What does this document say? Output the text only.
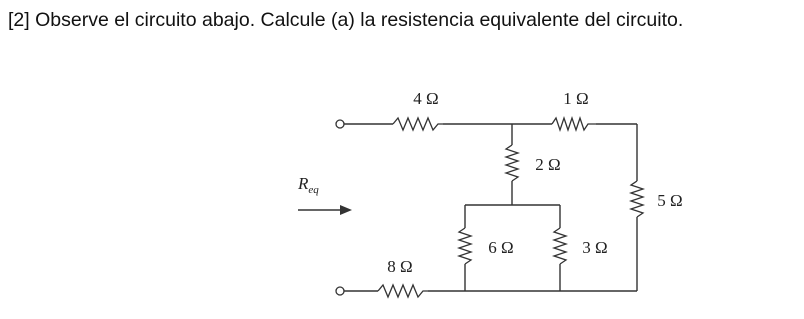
[2] Observe el circuito abajo. Calcule (a) la resistencia equivalente del circuito.
4 Ω	1 Ω
2 Ω
5 Ω
6 Ω	3 Ω
8 Ω
$R_{eq}$
